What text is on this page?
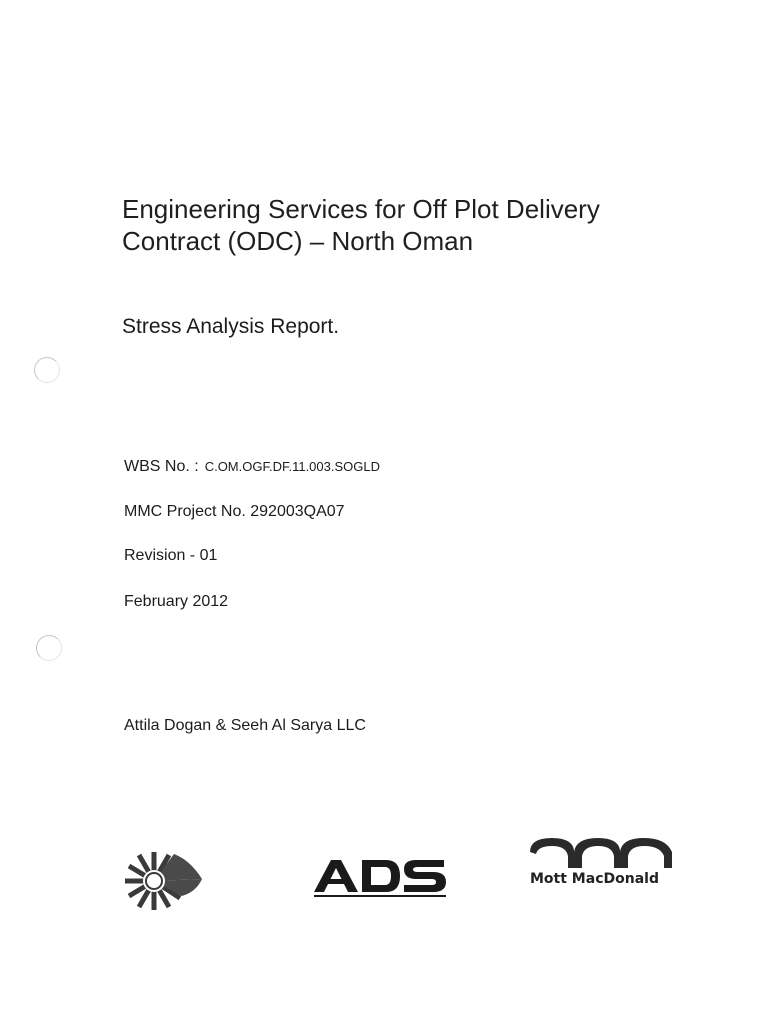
Engineering Services for Off Plot Delivery
Contract (ODC) – North Oman
Stress Analysis Report.
WBS No. : C.OM.OGF.DF.11.003.SOGLD
MMC Project No. 292003QA07
Revision - 01
February 2012
Attila Dogan & Seeh Al Sarya LLC
Mott MacDonald
